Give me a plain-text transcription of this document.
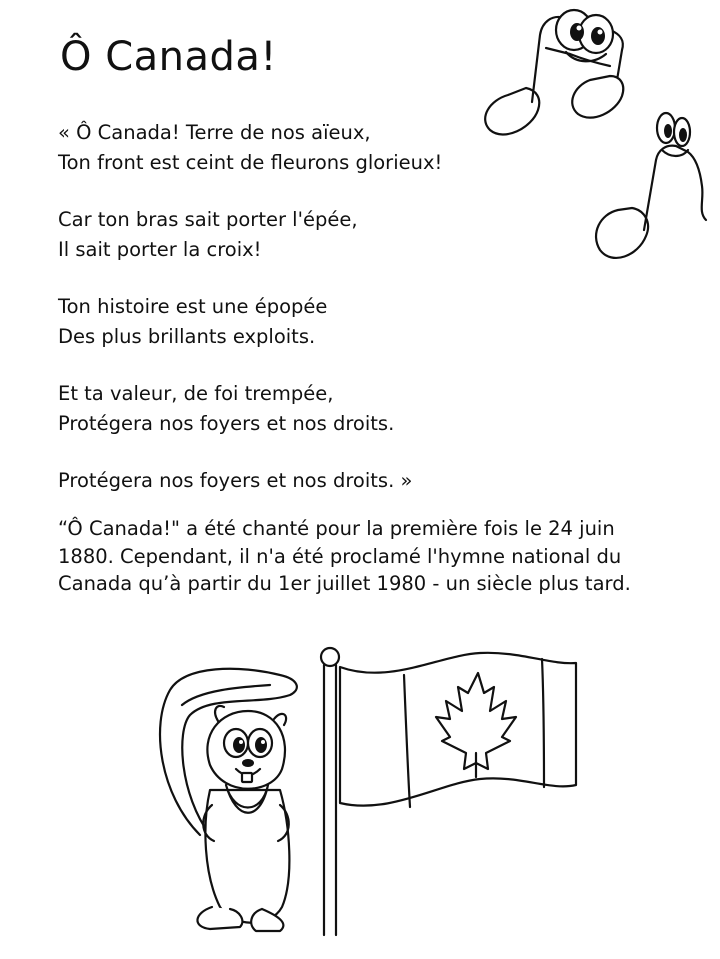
Ô Canada!
« Ô Canada! Terre de nos aïeux,
Ton front est ceint de fleurons glorieux!
Car ton bras sait porter l'épée,
Il sait porter la croix!
Ton histoire est une épopée
Des plus brillants exploits.
Et ta valeur, de foi trempée,
Protégera nos foyers et nos droits.
Protégera nos foyers et nos droits. »

“Ô Canada!" a été chanté pour la première fois le 24 juin 1880. Cependant, il n'a été proclamé l'hymne national du Canada qu’à partir du 1er juillet 1980 - un siècle plus tard.
